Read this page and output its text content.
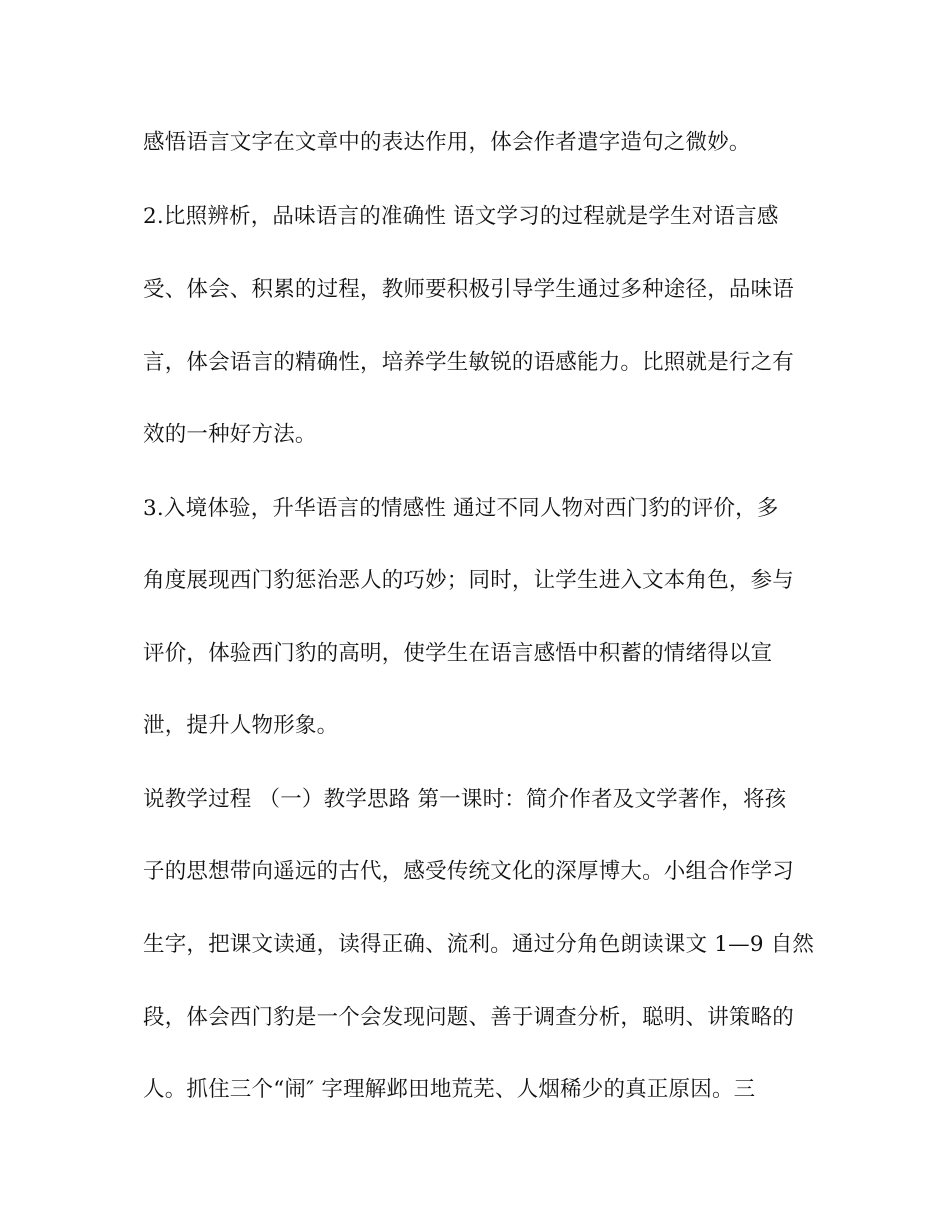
感悟语言文字在文章中的表达作用，体会作者遣字造句之微妙。
2.比照辨析，品味语言的准确性 语文学习的过程就是学生对语言感
受、体会、积累的过程，教师要积极引导学生通过多种途径，品味语
言，体会语言的精确性，培养学生敏锐的语感能力。比照就是行之有
效的一种好方法。
3.入境体验，升华语言的情感性 通过不同人物对西门豹的评价，多
角度展现西门豹惩治恶人的巧妙；同时，让学生进入文本角色，参与
评价，体验西门豹的高明，使学生在语言感悟中积蓄的情绪得以宣
泄，提升人物形象。
说教学过程 （一）教学思路 第一课时：简介作者及文学著作，将孩
子的思想带向遥远的古代，感受传统文化的深厚博大。小组合作学习
生字，把课文读通，读得正确、流利。通过分角色朗读课文 1—9 自然
段，体会西门豹是一个会发现问题、善于调查分析，聪明、讲策略的
人。抓住三个“闹″ 字理解邺田地荒芜、人烟稀少的真正原因。三
